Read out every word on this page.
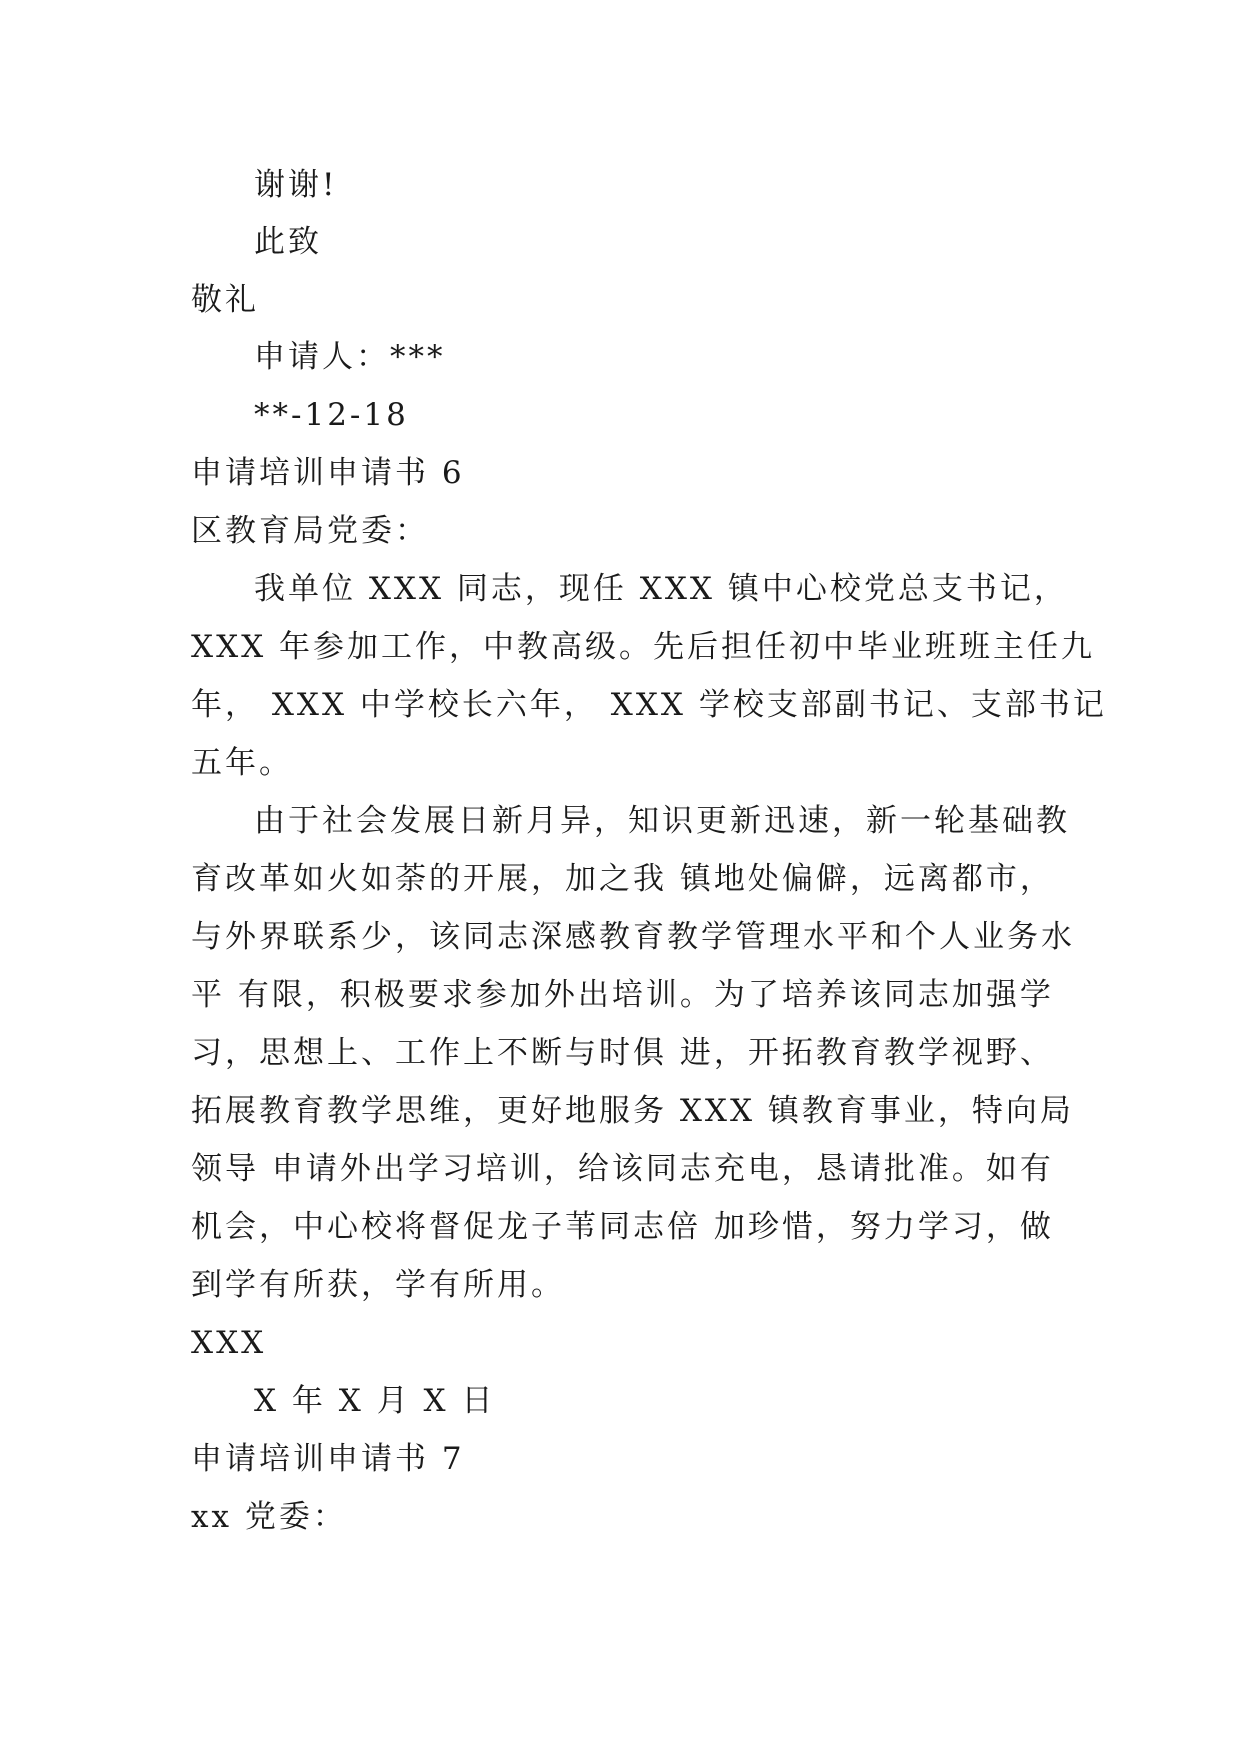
谢谢!
此致
敬礼
申请人：***
**-12-18
申请培训申请书 6
区教育局党委：
我单位 XXX 同志，现任 XXX 镇中心校党总支书记，
XXX 年参加工作，中教高级。先后担任初中毕业班班主任九
年， XXX 中学校长六年， XXX 学校支部副书记、支部书记
五年。
由于社会发展日新月异，知识更新迅速，新一轮基础教
育改革如火如荼的开展，加之我 镇地处偏僻，远离都市，
与外界联系少，该同志深感教育教学管理水平和个人业务水
平 有限，积极要求参加外出培训。为了培养该同志加强学
习，思想上、工作上不断与时俱 进，开拓教育教学视野、
拓展教育教学思维，更好地服务 XXX 镇教育事业，特向局
领导 申请外出学习培训，给该同志充电，恳请批准。如有
机会，中心校将督促龙子苇同志倍 加珍惜，努力学习，做
到学有所获，学有所用。
XXX
X 年 X 月 X 日
申请培训申请书 7
xx 党委：
